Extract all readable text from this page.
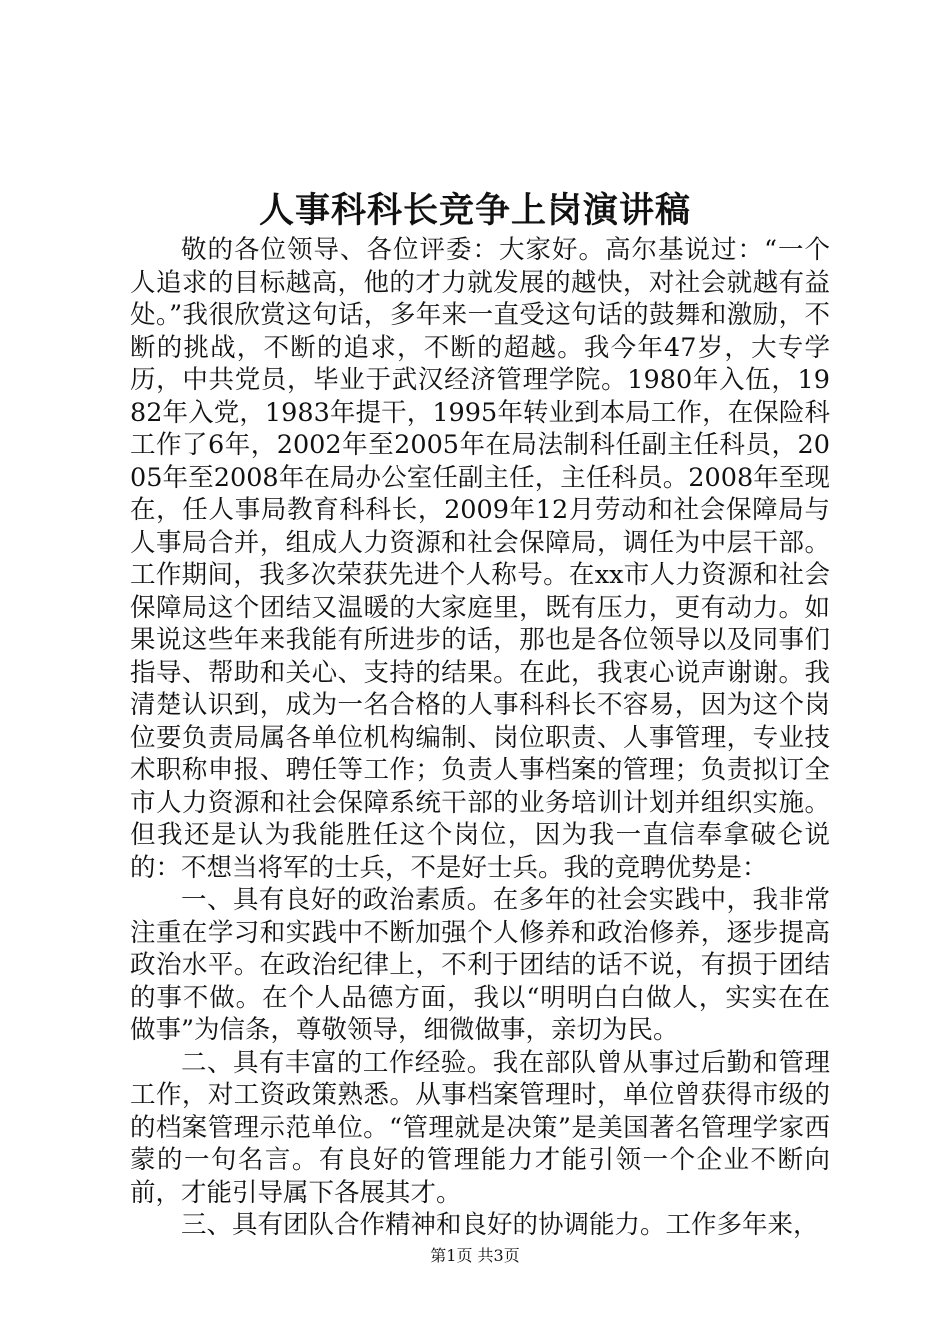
人事科科长竞争上岗演讲稿

敬的各位领导、各位评委：大家好。高尔基说过：“一个人追求的目标越高，他的才力就发展的越快，对社会就越有益处。”我很欣赏这句话，多年来一直受这句话的鼓舞和激励，不断的挑战，不断的追求，不断的超越。我今年47岁，大专学历，中共党员，毕业于武汉经济管理学院。1980年入伍，1982年入党，1983年提干，1995年转业到本局工作，在保险科工作了6年，2002年至2005年在局法制科任副主任科员，2005年至2008年在局办公室任副主任，主任科员。2008年至现在，任人事局教育科科长，2009年12月劳动和社会保障局与人事局合并，组成人力资源和社会保障局，调任为中层干部。工作期间，我多次荣获先进个人称号。在xx市人力资源和社会保障局这个团结又温暖的大家庭里，既有压力，更有动力。如果说这些年来我能有所进步的话，那也是各位领导以及同事们指导、帮助和关心、支持的结果。在此，我衷心说声谢谢。我清楚认识到，成为一名合格的人事科科长不容易，因为这个岗位要负责局属各单位机构编制、岗位职责、人事管理，专业技术职称申报、聘任等工作；负责人事档案的管理；负责拟订全市人力资源和社会保障系统干部的业务培训计划并组织实施。但我还是认为我能胜任这个岗位，因为我一直信奉拿破仑说的：不想当将军的士兵，不是好士兵。我的竞聘优势是：

一、具有良好的政治素质。在多年的社会实践中，我非常注重在学习和实践中不断加强个人修养和政治修养，逐步提高政治水平。在政治纪律上，不利于团结的话不说，有损于团结的事不做。在个人品德方面，我以“明明白白做人，实实在在做事”为信条，尊敬领导，细微做事，亲切为民。

二、具有丰富的工作经验。我在部队曾从事过后勤和管理工作，对工资政策熟悉。从事档案管理时，单位曾获得市级的的档案管理示范单位。“管理就是决策”是美国著名管理学家西蒙的一句名言。有良好的管理能力才能引领一个企业不断向前，才能引导属下各展其才。

三、具有团队合作精神和良好的协调能力。工作多年来，

第1页 共3页
